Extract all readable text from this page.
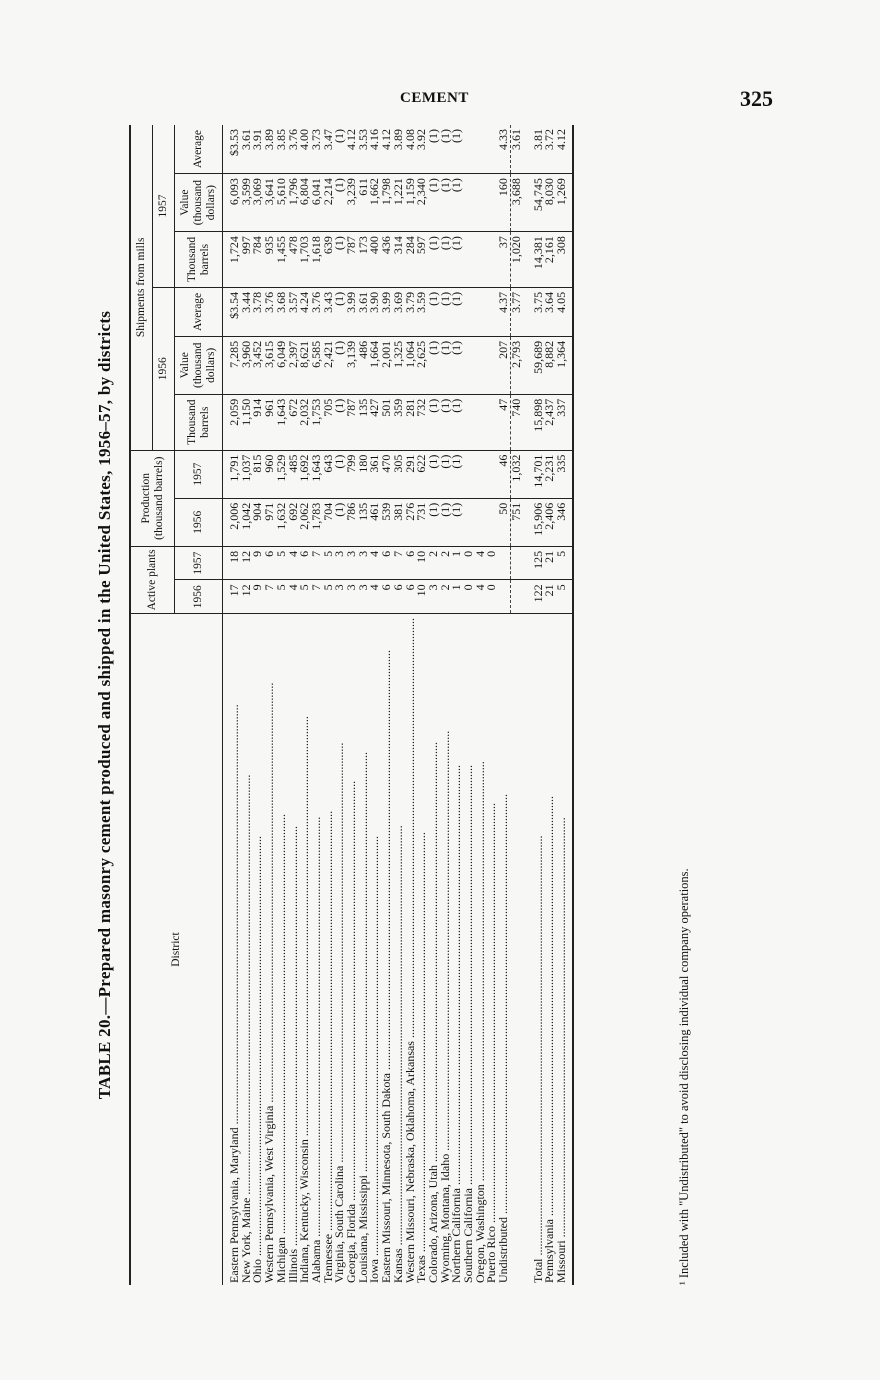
CEMENT	325
TABLE 20.—Prepared masonry cement produced and shipped in the United States, 1956–57, by districts	District	Active plants		Production (thousand barrels)		Shipments from mills					
					1956			1957		
	1956	1957	1956	1957	Thousand barrels	Value (thousand dollars)	Average	Thousand barrels	Value (thousand dollars)	Average
Eastern Pennsylvania, Maryland .....	17	18	2,006	1,791	2,059	7,285	$3.54	1,724	6,093	$3.53
New York, Maine .....	12	12	1,042	1,037	1,150	3,960	3.44	997	3,599	3.61
Ohio .....	9	9	904	815	914	3,452	3.78	784	3,069	3.91
Western Pennsylvania, West Virginia .....	7	6	971	960	961	3,615	3.76	935	3,641	3.89
Michigan .....	5	5	1,632	1,529	1,643	6,049	3.68	1,455	5,610	3.85
Illinois .....	4	4	692	485	672	2,397	3.57	478	1,796	3.76
Indiana, Kentucky, Wisconsin .....	5	6	2,062	1,692	2,032	8,621	4.24	1,703	6,804	4.00
Alabama .....	7	7	1,783	1,643	1,753	6,585	3.76	1,618	6,041	3.73
Tennessee .....	5	5	704	643	705	2,421	3.43	639	2,214	3.47
Virginia, South Carolina .....	3	3	(1)	(1)	(1)	(1)	(1)	(1)	(1)	(1)
Georgia, Florida .....	3	3	786	799	787	3,139	3.99	787	3,239	4.12
Louisiana, Mississippi .....	3	3	135	180	135	486	3.61	173	611	3.53
Iowa .....	4	4	461	361	427	1,664	3.90	400	1,662	4.16
Eastern Missouri, Minnesota, South Dakota .....	6	6	539	470	501	2,001	3.99	436	1,798	4.12
Kansas .....	6	7	381	305	359	1,325	3.69	314	1,221	3.89
Western Missouri, Nebraska, Oklahoma, Arkansas .....	6	6	276	291	281	1,064	3.79	284	1,159	4.08
Texas .....	10	10	731	622	732	2,625	3.59	597	2,340	3.92
Colorado, Arizona, Utah .....	3	2	(1)	(1)	(1)	(1)	(1)	(1)	(1)	(1)
Wyoming, Montana, Idaho .....	2	2	(1)	(1)	(1)	(1)	(1)	(1)	(1)	(1)
Northern California .....	1	1	(1)	(1)	(1)	(1)	(1)	(1)	(1)	(1)
Southern California .....	0	0								
Oregon, Washington .....	4	4								
Puerto Rico .....	0	0								
Undistributed .....			50	46	47	207	4.37	37	160	4.33
			751	1,032	740	2,793	3.77	1,020	3,688	3.61
Total .....	122	125	15,906	14,701	15,898	59,689	3.75	14,381	54,745	3.81
Pennsylvania .....	21	21	2,406	2,231	2,437	8,882	3.64	2,161	8,030	3.72
Missouri .....	5	5	346	335	337	1,364	4.05	308	1,269	4.12
¹ Included with "Undistributed" to avoid disclosing individual company operations.
